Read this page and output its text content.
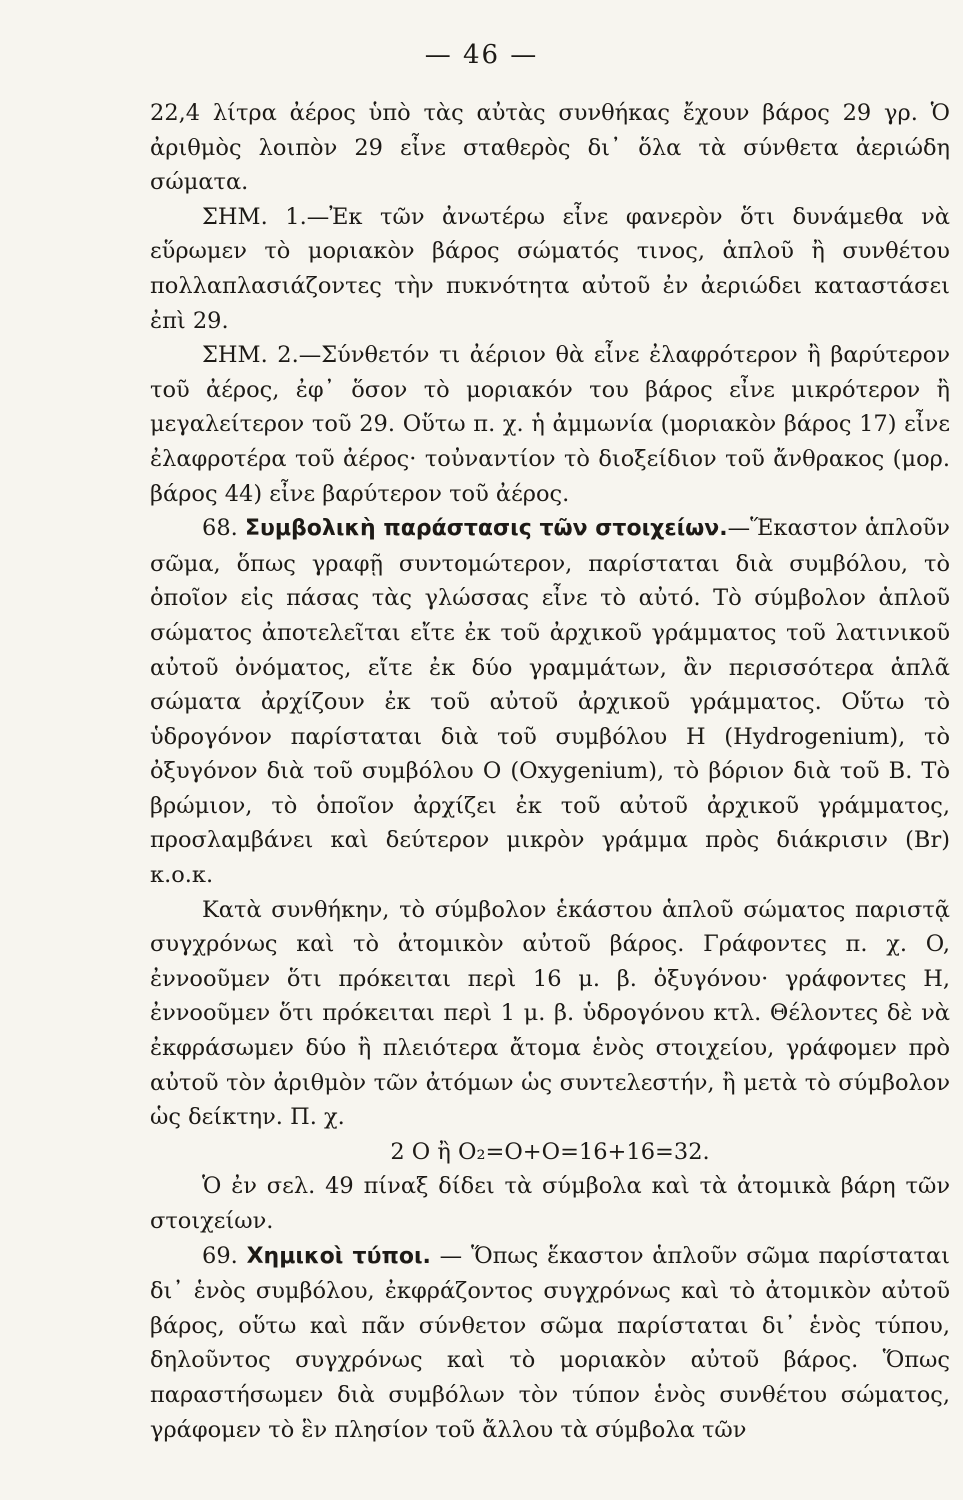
— 46 —

22,4 λίτρα ἀέρος ὑπὸ τὰς αὐτὰς συνθήκας ἔχουν βάρος 29 γρ. Ὁ ἀριθμὸς λοιπὸν 29 εἶνε σταθερὸς δι᾽ ὅλα τὰ σύνθετα ἀεριώδη σώματα.

ΣΗΜ. 1.—Ἐκ τῶν ἀνωτέρω εἶνε φανερὸν ὅτι δυνάμεθα νὰ εὕρωμεν τὸ μοριακὸν βάρος σώματός τινος, ἁπλοῦ ἢ συνθέτου πολλαπλασιάζοντες τὴν πυκνότητα αὐτοῦ ἐν ἀεριώδει καταστάσει ἐπὶ 29.

ΣΗΜ. 2.—Σύνθετόν τι ἀέριον θὰ εἶνε ἐλαφρότερον ἢ βαρύτερον τοῦ ἀέρος, ἐφ᾽ ὅσον τὸ μοριακόν του βάρος εἶνε μικρότερον ἢ μεγαλείτερον τοῦ 29. Οὕτω π. χ. ἡ ἀμμωνία (μοριακὸν βάρος 17) εἶνε ἐλαφροτέρα τοῦ ἀέρος· τοὐναντίον τὸ διοξείδιον τοῦ ἄνθρακος (μορ. βάρος 44) εἶνε βαρύτερον τοῦ ἀέρος.

68. Συμβολικὴ παράστασις τῶν στοιχείων.—Ἕκαστον ἁπλοῦν σῶμα, ὅπως γραφῇ συντομώτερον, παρίσταται διὰ συμβόλου, τὸ ὁποῖον εἰς πάσας τὰς γλώσσας εἶνε τὸ αὐτό. Τὸ σύμβολον ἁπλοῦ σώματος ἀποτελεῖται εἴτε ἐκ τοῦ ἀρχικοῦ γράμματος τοῦ λατινικοῦ αὐτοῦ ὀνόματος, εἴτε ἐκ δύο γραμμάτων, ἂν περισσότερα ἁπλᾶ σώματα ἀρχίζουν ἐκ τοῦ αὐτοῦ ἀρχικοῦ γράμματος. Οὕτω τὸ ὑδρογόνον παρίσταται διὰ τοῦ συμβόλου H (Hydrogenium), τὸ ὀξυγόνον διὰ τοῦ συμβόλου O (Oxygenium), τὸ βόριον διὰ τοῦ B. Τὸ βρώμιον, τὸ ὁποῖον ἀρχίζει ἐκ τοῦ αὐτοῦ ἀρχικοῦ γράμματος, προσλαμβάνει καὶ δεύτερον μικρὸν γράμμα πρὸς διάκρισιν (Br) κ.ο.κ.

Κατὰ συνθήκην, τὸ σύμβολον ἑκάστου ἁπλοῦ σώματος παριστᾷ συγχρόνως καὶ τὸ ἀτομικὸν αὐτοῦ βάρος. Γράφοντες π. χ. O, ἐννοοῦμεν ὅτι πρόκειται περὶ 16 μ. β. ὀξυγόνου· γράφοντες H, ἐννοοῦμεν ὅτι πρόκειται περὶ 1 μ. β. ὑδρογόνου κτλ. Θέλοντες δὲ νὰ ἐκφράσωμεν δύο ἢ πλειότερα ἄτομα ἑνὸς στοιχείου, γράφομεν πρὸ αὐτοῦ τὸν ἀριθμὸν τῶν ἀτόμων ὡς συντελεστήν, ἢ μετὰ τὸ σύμβολον ὡς δείκτην. Π. χ.

2 O ἢ O₂=O+O=16+16=32.

Ὁ ἐν σελ. 49 πίναξ δίδει τὰ σύμβολα καὶ τὰ ἀτομικὰ βάρη τῶν στοιχείων.

69. Χημικοὶ τύποι. — Ὅπως ἕκαστον ἁπλοῦν σῶμα παρίσταται δι᾽ ἑνὸς συμβόλου, ἐκφράζοντος συγχρόνως καὶ τὸ ἀτομικὸν αὐτοῦ βάρος, οὕτω καὶ πᾶν σύνθετον σῶμα παρίσταται δι᾽ ἑνὸς τύπου, δηλοῦντος συγχρόνως καὶ τὸ μοριακὸν αὐτοῦ βάρος. Ὅπως παραστήσωμεν διὰ συμβόλων τὸν τύπον ἑνὸς συνθέτου σώματος, γράφομεν τὸ ἓν πλησίον τοῦ ἄλλου τὰ σύμβολα τῶν
